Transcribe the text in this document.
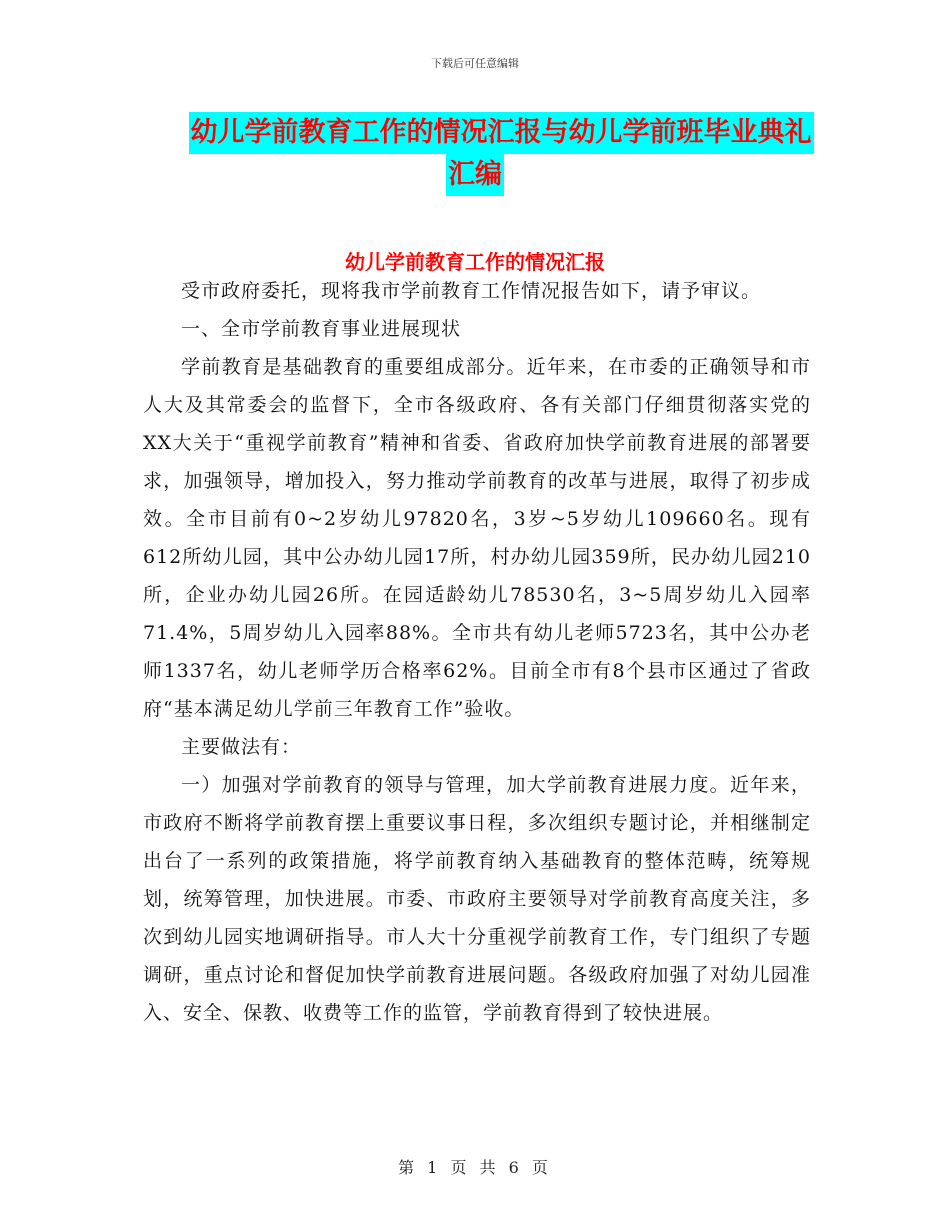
下载后可任意编辑
幼儿学前教育工作的情况汇报与幼儿学前班毕业典礼
汇编
幼儿学前教育工作的情况汇报

受市政府委托，现将我市学前教育工作情况报告如下，请予审议。

一、全市学前教育事业进展现状

学前教育是基础教育的重要组成部分。近年来，在市委的正确领导和市人大及其常委会的监督下，全市各级政府、各有关部门仔细贯彻落实党的XX大关于“重视学前教育”精神和省委、省政府加快学前教育进展的部署要求，加强领导，增加投入，努力推动学前教育的改革与进展，取得了初步成效。全市目前有0~2岁幼儿97820名，3岁~5岁幼儿109660名。现有612所幼儿园，其中公办幼儿园17所，村办幼儿园359所，民办幼儿园210所，企业办幼儿园26所。在园适龄幼儿78530名，3~5周岁幼儿入园率71.4%，5周岁幼儿入园率88%。全市共有幼儿老师5723名，其中公办老师1337名，幼儿老师学历合格率62%。目前全市有8个县市区通过了省政府“基本满足幼儿学前三年教育工作”验收。

主要做法有：

一）加强对学前教育的领导与管理，加大学前教育进展力度。近年来，市政府不断将学前教育摆上重要议事日程，多次组织专题讨论，并相继制定出台了一系列的政策措施，将学前教育纳入基础教育的整体范畴，统筹规划，统筹管理，加快进展。市委、市政府主要领导对学前教育高度关注，多次到幼儿园实地调研指导。市人大十分重视学前教育工作，专门组织了专题调研，重点讨论和督促加快学前教育进展问题。各级政府加强了对幼儿园准入、安全、保教、收费等工作的监管，学前教育得到了较快进展。

第 1 页 共 6 页
